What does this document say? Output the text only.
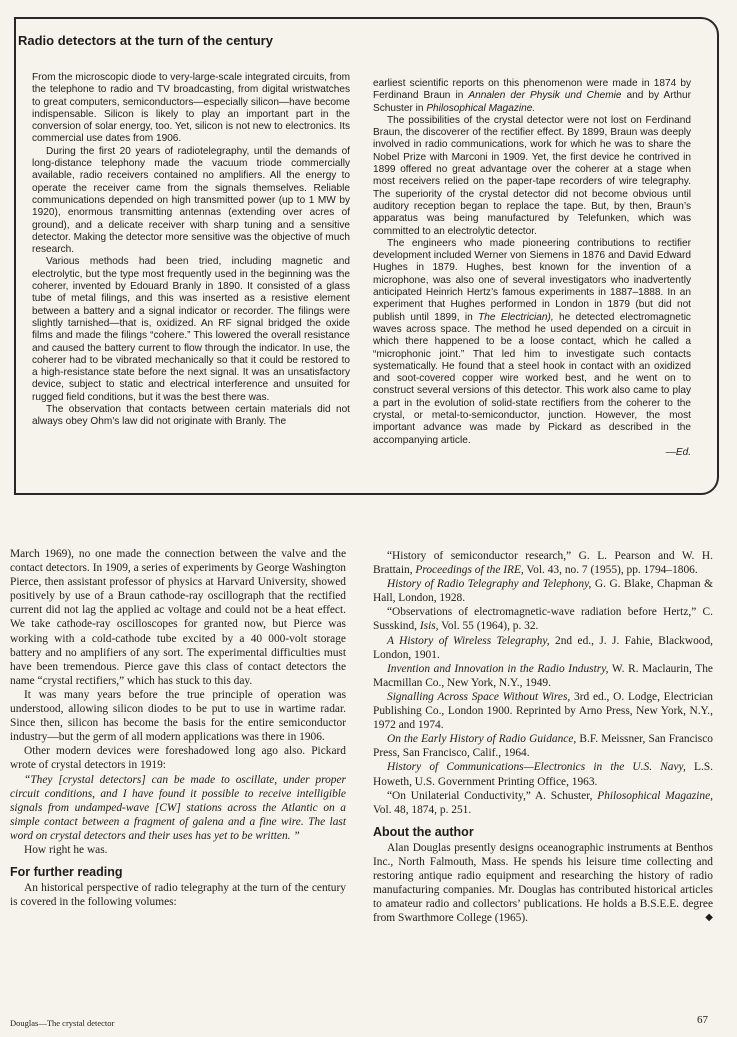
Radio detectors at the turn of the century

From the microscopic diode to very-large-scale integrated circuits, from the telephone to radio and TV broadcasting, from digital wristwatches to great computers, semiconductors—especially silicon—have become indispensable. Silicon is likely to play an important part in the conversion of solar energy, too. Yet, silicon is not new to electronics. Its commercial use dates from 1906.

During the first 20 years of radiotelegraphy, until the demands of long-distance telephony made the vacuum triode commercially available, radio receivers contained no amplifiers. All the energy to operate the receiver came from the signals themselves. Reliable communications depended on high transmitted power (up to 1 MW by 1920), enormous transmitting antennas (extending over acres of ground), and a delicate receiver with sharp tuning and a sensitive detector. Making the detector more sensitive was the objective of much research.

Various methods had been tried, including magnetic and electrolytic, but the type most frequently used in the beginning was the coherer, invented by Edouard Branly in 1890. It consisted of a glass tube of metal filings, and this was inserted as a resistive element between a battery and a signal indicator or recorder. The filings were slightly tarnished—that is, oxidized. An RF signal bridged the oxide films and made the filings “cohere.” This lowered the overall resistance and caused the battery current to flow through the indicator. In use, the coherer had to be vibrated mechanically so that it could be restored to a high-resistance state before the next signal. It was an unsatisfactory device, subject to static and electrical interference and unsuited for rugged field conditions, but it was the best there was.

The observation that contacts between certain materials did not always obey Ohm’s law did not originate with Branly. The

earliest scientific reports on this phenomenon were made in 1874 by Ferdinand Braun in Annalen der Physik und Chemie and by Arthur Schuster in Philosophical Magazine.

The possibilities of the crystal detector were not lost on Ferdinand Braun, the discoverer of the rectifier effect. By 1899, Braun was deeply involved in radio communications, work for which he was to share the Nobel Prize with Marconi in 1909. Yet, the first device he contrived in 1899 offered no great advantage over the coherer at a stage when most receivers relied on the paper-tape recorders of wire telegraphy. The superiority of the crystal detector did not become obvious until auditory reception began to replace the tape. But, by then, Braun’s apparatus was being manufactured by Telefunken, which was committed to an electrolytic detector.

The engineers who made pioneering contributions to rectifier development included Werner von Siemens in 1876 and David Edward Hughes in 1879. Hughes, best known for the invention of a microphone, was also one of several investigators who inadvertently anticipated Heinrich Hertz’s famous experiments in 1887–1888. In an experiment that Hughes performed in London in 1879 (but did not publish until 1899, in The Electrician), he detected electromagnetic waves across space. The method he used depended on a circuit in which there happened to be a loose contact, which he called a “microphonic joint.” That led him to investigate such contacts systematically. He found that a steel hook in contact with an oxidized and soot-covered copper wire worked best, and he went on to construct several versions of this detector. This work also came to play a part in the evolution of solid-state rectifiers from the coherer to the crystal, or metal-to-semiconductor, junction. However, the most important advance was made by Pickard as described in the accompanying article.

—Ed.

March 1969), no one made the connection between the valve and the contact detectors. In 1909, a series of experiments by George Washington Pierce, then assistant professor of physics at Harvard University, showed positively by use of a Braun cathode-ray oscillograph that the rectified current did not lag the applied ac voltage and could not be a heat effect. We take cathode-ray oscilloscopes for granted now, but Pierce was working with a cold-cathode tube excited by a 40 000-volt storage battery and no amplifiers of any sort. The experimental difficulties must have been tremendous. Pierce gave this class of contact detectors the name “crystal rectifiers,” which has stuck to this day.

It was many years before the true principle of operation was understood, allowing silicon diodes to be put to use in wartime radar. Since then, silicon has become the basis for the entire semiconductor industry—but the germ of all modern applications was there in 1906.

Other modern devices were foreshadowed long ago also. Pickard wrote of crystal detectors in 1919:

“They [crystal detectors] can be made to oscillate, under proper circuit conditions, and I have found it possible to receive intelligible signals from undamped-wave [CW] stations across the Atlantic on a simple contact between a fragment of galena and a fine wire. The last word on crystal detectors and their uses has yet to be written. ”

How right he was.

For further reading

An historical perspective of radio telegraphy at the turn of the century is covered in the following volumes:

“History of semiconductor research,” G. L. Pearson and W. H. Brattain, Proceedings of the IRE, Vol. 43, no. 7 (1955), pp. 1794–1806.

History of Radio Telegraphy and Telephony, G. G. Blake, Chapman & Hall, London, 1928.

“Observations of electromagnetic-wave radiation before Hertz,” C. Susskind, Isis, Vol. 55 (1964), p. 32.

A History of Wireless Telegraphy, 2nd ed., J. J. Fahie, Blackwood, London, 1901.

Invention and Innovation in the Radio Industry, W. R. Maclaurin, The Macmillan Co., New York, N.Y., 1949.

Signalling Across Space Without Wires, 3rd ed., O. Lodge, Electrician Publishing Co., London 1900. Reprinted by Arno Press, New York, N.Y., 1972 and 1974.

On the Early History of Radio Guidance, B.F. Meissner, San Francisco Press, San Francisco, Calif., 1964.

History of Communications—Electronics in the U.S. Navy, L.S. Howeth, U.S. Government Printing Office, 1963.

“On Unilaterial Conductivity,” A. Schuster, Philosophical Magazine, Vol. 48, 1874, p. 251.

About the author

Alan Douglas presently designs oceanographic instruments at Benthos Inc., North Falmouth, Mass. He spends his leisure time collecting and restoring antique radio equipment and researching the history of radio manufacturing companies. Mr. Douglas has contributed historical articles to amateur radio and collectors’ publications. He holds a B.S.E.E. degree from Swarthmore College (1965).	◆

Douglas—The crystal detector	67
